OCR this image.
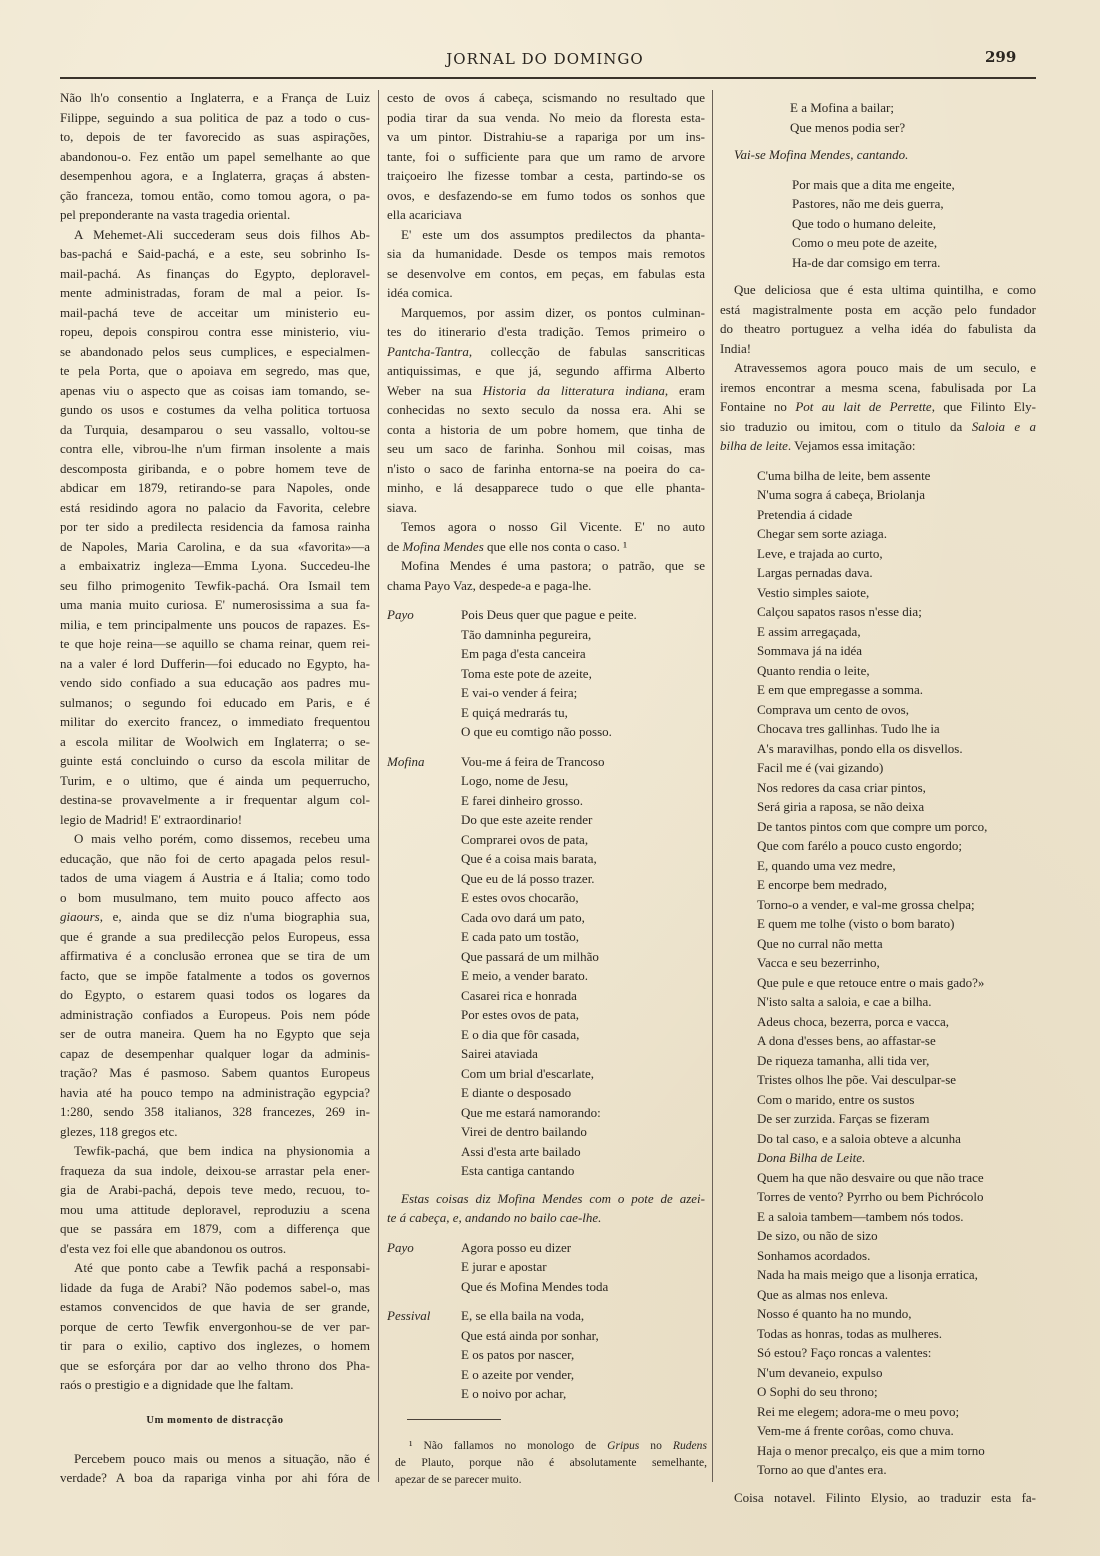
JORNAL DO DOMINGO	299
Não lh'o consentio a Inglaterra, e a França de Luiz
Filippe, seguindo a sua politica de paz a todo o cus-
to, depois de ter favorecido as suas aspirações,
abandonou-o. Fez então um papel semelhante ao que
desempenhou agora, e a Inglaterra, graças á absten-
ção franceza, tomou então, como tomou agora, o pa-
pel preponderante na vasta tragedia oriental.
A Mehemet-Ali succederam seus dois filhos Ab-
bas-pachá e Said-pachá, e a este, seu sobrinho Is-
mail-pachá. As finanças do Egypto, deploravel-
mente administradas, foram de mal a peior. Is-
mail-pachá teve de acceitar um ministerio eu-
ropeu, depois conspirou contra esse ministerio, viu-
se abandonado pelos seus cumplices, e especialmen-
te pela Porta, que o apoiava em segredo, mas que,
apenas viu o aspecto que as coisas iam tomando, se-
gundo os usos e costumes da velha politica tortuosa
da Turquia, desamparou o seu vassallo, voltou-se
contra elle, vibrou-lhe n'um firman insolente a mais
descomposta giribanda, e o pobre homem teve de
abdicar em 1879, retirando-se para Napoles, onde
está residindo agora no palacio da Favorita, celebre
por ter sido a predilecta residencia da famosa rainha
de Napoles, Maria Carolina, e da sua «favorita»—a
a embaixatriz ingleza—Emma Lyona. Succedeu-lhe
seu filho primogenito Tewfik-pachá. Ora Ismail tem
uma mania muito curiosa. E' numerosissima a sua fa-
milia, e tem principalmente uns poucos de rapazes. Es-
te que hoje reina—se aquillo se chama reinar, quem rei-
na a valer é lord Dufferin—foi educado no Egypto, ha-
vendo sido confiado a sua educação aos padres mu-
sulmanos; o segundo foi educado em Paris, e é
militar do exercito francez, o immediato frequentou
a escola militar de Woolwich em Inglaterra; o se-
guinte está concluindo o curso da escola militar de
Turim, e o ultimo, que é ainda um pequerrucho,
destina-se provavelmente a ir frequentar algum col-
legio de Madrid! E' extraordinario!
O mais velho porém, como dissemos, recebeu uma
educação, que não foi de certo apagada pelos resul-
tados de uma viagem á Austria e á Italia; como todo
o bom musulmano, tem muito pouco affecto aos
giaours, e, ainda que se diz n'uma biographia sua,
que é grande a sua predilecção pelos Europeus, essa
affirmativa é a conclusão erronea que se tira de um
facto, que se impõe fatalmente a todos os governos
do Egypto, o estarem quasi todos os logares da
administração confiados a Europeus. Pois nem póde
ser de outra maneira. Quem ha no Egypto que seja
capaz de desempenhar qualquer logar da adminis-
tração? Mas é pasmoso. Sabem quantos Europeus
havia até ha pouco tempo na administração egypcia?
1:280, sendo 358 italianos, 328 francezes, 269 in-
glezes, 118 gregos etc.
Tewfik-pachá, que bem indica na physionomia a
fraqueza da sua indole, deixou-se arrastar pela ener-
gia de Arabi-pachá, depois teve medo, recuou, to-
mou uma attitude deploravel, reproduziu a scena
que se passára em 1879, com a differença que
d'esta vez foi elle que abandonou os outros.
Até que ponto cabe a Tewfik pachá a responsabi-
lidade da fuga de Arabi? Não podemos sabel-o, mas
estamos convencidos de que havia de ser grande,
porque de certo Tewfik envergonhou-se de ver par-
tir para o exilio, captivo dos inglezes, o homem
que se esforçára por dar ao velho throno dos Pha-
raós o prestigio e a dignidade que lhe faltam.
Um momento de distracção
Percebem pouco mais ou menos a situação, não é
verdade? A boa da rapariga vinha por ahi fóra de
cesto de ovos á cabeça, scismando no resultado que
podia tirar da sua venda. No meio da floresta esta-
va um pintor. Distrahiu-se a rapariga por um ins-
tante, foi o sufficiente para que um ramo de arvore
traiçoeiro lhe fizesse tombar a cesta, partindo-se os
ovos, e desfazendo-se em fumo todos os sonhos que
ella acariciava
E' este um dos assumptos predilectos da phanta-
sia da humanidade. Desde os tempos mais remotos
se desenvolve em contos, em peças, em fabulas esta
idéa comica.
Marquemos, por assim dizer, os pontos culminan-
tes do itinerario d'esta tradição. Temos primeiro o
Pantcha-Tantra, collecção de fabulas sanscriticas
antiquissimas, e que já, segundo affirma Alberto
Weber na sua Historia da litteratura indiana, eram
conhecidas no sexto seculo da nossa era. Ahi se
conta a historia de um pobre homem, que tinha de
seu um saco de farinha. Sonhou mil coisas, mas
n'isto o saco de farinha entorna-se na poeira do ca-
minho, e lá desapparece tudo o que elle phanta-
siava.
Temos agora o nosso Gil Vicente. E' no auto
de Mofina Mendes que elle nos conta o caso. ¹
Mofina Mendes é uma pastora; o patrão, que se
chama Payo Vaz, despede-a e paga-lhe.
Payo	Pois Deus quer que pague e peite.
Tão damninha pegureira,
Em paga d'esta canceira
Toma este pote de azeite,
E vai-o vender á feira;
E quiçá medrarás tu,
O que eu comtigo não posso.
Mofina	Vou-me á feira de Trancoso
Logo, nome de Jesu,
E farei dinheiro grosso.
Do que este azeite render
Comprarei ovos de pata,
Que é a coisa mais barata,
Que eu de lá posso trazer.
E estes ovos chocarão,
Cada ovo dará um pato,
E cada pato um tostão,
Que passará de um milhão
E meio, a vender barato.
Casarei rica e honrada
Por estes ovos de pata,
E o dia que fôr casada,
Sairei ataviada
Com um brial d'escarlate,
E diante o desposado
Que me estará namorando:
Virei de dentro bailando
Assi d'esta arte bailado
Esta cantiga cantando
Estas coisas diz Mofina Mendes com o pote de azei-
te á cabeça, e, andando no bailo cae-lhe.
Payo	Agora posso eu dizer
E jurar e apostar
Que és Mofina Mendes toda
Pessival	E, se ella baila na voda,
Que está ainda por sonhar,
E os patos por nascer,
E o azeite por vender,
E o noivo por achar,
E a Mofina a bailar;
Que menos podia ser?
Vai-se Mofina Mendes, cantando.
Por mais que a dita me engeite,
Pastores, não me deis guerra,
Que todo o humano deleite,
Como o meu pote de azeite,
Ha-de dar comsigo em terra.
Que deliciosa que é esta ultima quintilha, e como
está magistralmente posta em acção pelo fundador
do theatro portuguez a velha idéa do fabulista da
India!
Atravessemos agora pouco mais de um seculo, e
iremos encontrar a mesma scena, fabulisada por La
Fontaine no Pot au lait de Perrette, que Filinto Ely-
sio traduzio ou imitou, com o titulo da Saloia e a
bilha de leite. Vejamos essa imitação:
C'uma bilha de leite, bem assente
N'uma sogra á cabeça, Briolanja
Pretendia á cidade
Chegar sem sorte aziaga.
Leve, e trajada ao curto,
Largas pernadas dava.
Vestio simples saiote,
Calçou sapatos rasos n'esse dia;
E assim arregaçada,
Sommava já na idéa
Quanto rendia o leite,
E em que empregasse a somma.
Comprava um cento de ovos,
Chocava tres gallinhas. Tudo lhe ia
A's maravilhas, pondo ella os disvellos.
Facil me é (vai gizando)
Nos redores da casa criar pintos,
Será giria a raposa, se não deixa
De tantos pintos com que compre um porco,
Que com farélo a pouco custo engordo;
E, quando uma vez medre,
E encorpe bem medrado,
Torno-o a vender, e val-me grossa chelpa;
E quem me tolhe (visto o bom barato)
Que no curral não metta
Vacca e seu bezerrinho,
Que pule e que retouce entre o mais gado?»
N'isto salta a saloia, e cae a bilha.
Adeus choca, bezerra, porca e vacca,
A dona d'esses bens, ao affastar-se
De riqueza tamanha, alli tida ver,
Tristes olhos lhe põe. Vai desculpar-se
Com o marido, entre os sustos
De ser zurzida. Farças se fizeram
Do tal caso, e a saloia obteve a alcunha
Dona Bilha de Leite.
Quem ha que não desvaire ou que não trace
Torres de vento? Pyrrho ou bem Pichrócolo
E a saloia tambem—tambem nós todos.
De sizo, ou não de sizo
Sonhamos acordados.
Nada ha mais meigo que a lisonja erratica,
Que as almas nos enleva.
Nosso é quanto ha no mundo,
Todas as honras, todas as mulheres.
Só estou? Faço roncas a valentes:
N'um devaneio, expulso
O Sophi do seu throno;
Rei me elegem; adora-me o meu povo;
Vem-me á frente corôas, como chuva.
Haja o menor precalço, eis que a mim torno
Torno ao que d'antes era.
Coisa notavel. Filinto Elysio, ao traduzir esta fa-
¹ Não fallamos no monologo de Gripus no Rudens
de Plauto, porque não é absolutamente semelhante,
apezar de se parecer muito.
